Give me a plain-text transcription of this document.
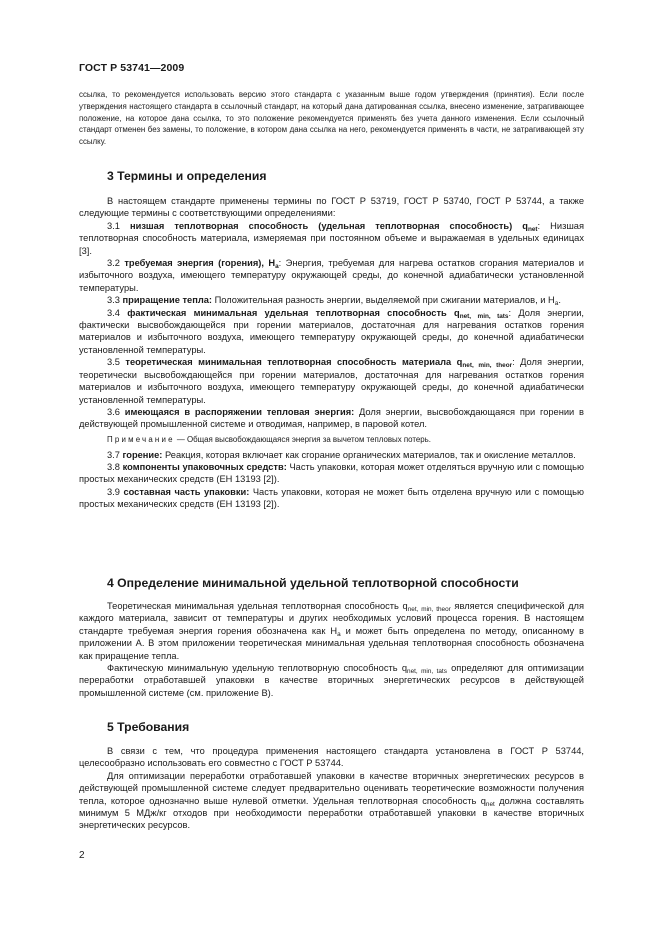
ГОСТ Р 53741—2009

ссылка, то рекомендуется использовать версию этого стандарта с указанным выше годом утверждения (принятия). Если после утверждения настоящего стандарта в ссылочный стандарт, на который дана датированная ссылка, внесено изменение, затрагивающее положение, на которое дана ссылка, то это положение рекомендуется применять без учета данного изменения. Если ссылочный стандарт отменен без замены, то положение, в котором дана ссылка на него, рекомендуется применять в части, не затрагивающей эту ссылку.

3 Термины и определения

В настоящем стандарте применены термины по ГОСТ Р 53719, ГОСТ Р 53740, ГОСТ Р 53744, а также следующие термины с соответствующими определениями:

3.1 низшая теплотворная способность (удельная теплотворная способность) $q_{net}$: Низшая теплотворная способность материала, измеряемая при постоянном объеме и выражаемая в удельных единицах [3].

3.2 требуемая энергия (горения), $H_a$: Энергия, требуемая для нагрева остатков сгорания материалов и избыточного воздуха, имеющего температуру окружающей среды, до конечной адиабатически установленной температуры.

3.3 приращение тепла: Положительная разность энергии, выделяемой при сжигании материалов, и $H_a$.

3.4 фактическая минимальная удельная теплотворная способность $q_{net, min, tats}$: Доля энергии, фактически высвобождающейся при горении материалов, достаточная для нагревания остатков горения материалов и избыточного воздуха, имеющего температуру окружающей среды, до конечной адиабатически установленной температуры.

3.5 теоретическая минимальная теплотворная способность материала $q_{net, min, theor}$: Доля энергии, теоретически высвобождающейся при горении материалов, достаточная для нагревания остатков горения материалов и избыточного воздуха, имеющего температуру окружающей среды, до конечной адиабатически установленной температуры.

3.6 имеющаяся в распоряжении тепловая энергия: Доля энергии, высвобождающаяся при горении в действующей промышленной системе и отводимая, например, в паровой котел.

Примечание — Общая высвобождающаяся энергия за вычетом тепловых потерь.

3.7 горение: Реакция, которая включает как сгорание органических материалов, так и окисление металлов.

3.8 компоненты упаковочных средств: Часть упаковки, которая может отделяться вручную или с помощью простых механических средств (ЕН 13193 [2]).

3.9 составная часть упаковки: Часть упаковки, которая не может быть отделена вручную или с помощью простых механических средств (ЕН 13193 [2]).

4 Определение минимальной удельной теплотворной способности

Теоретическая минимальная удельная теплотворная способность $q_{net, min, theor}$ является специфической для каждого материала, зависит от температуры и других необходимых условий процесса горения. В настоящем стандарте требуемая энергия горения обозначена как $H_a$ и может быть определена по методу, описанному в приложении А. В этом приложении теоретическая минимальная удельная теплотворная способность обозначена как приращение тепла.

Фактическую минимальную удельную теплотворную способность $q_{net, min, tats}$ определяют для оптимизации переработки отработавшей упаковки в качестве вторичных энергетических ресурсов в действующей промышленной системе (см. приложение В).

5 Требования

В связи с тем, что процедура применения настоящего стандарта установлена в ГОСТ Р 53744, целесообразно использовать его совместно с ГОСТ Р 53744.

Для оптимизации переработки отработавшей упаковки в качестве вторичных энергетических ресурсов в действующей промышленной системе следует предварительно оценивать теоретические возможности получения тепла, которое однозначно выше нулевой отметки. Удельная теплотворная способность $q_{net}$ должна составлять минимум 5 МДж/кг отходов при необходимости переработки отработавшей упаковки в качестве вторичных энергетических ресурсов.

2
